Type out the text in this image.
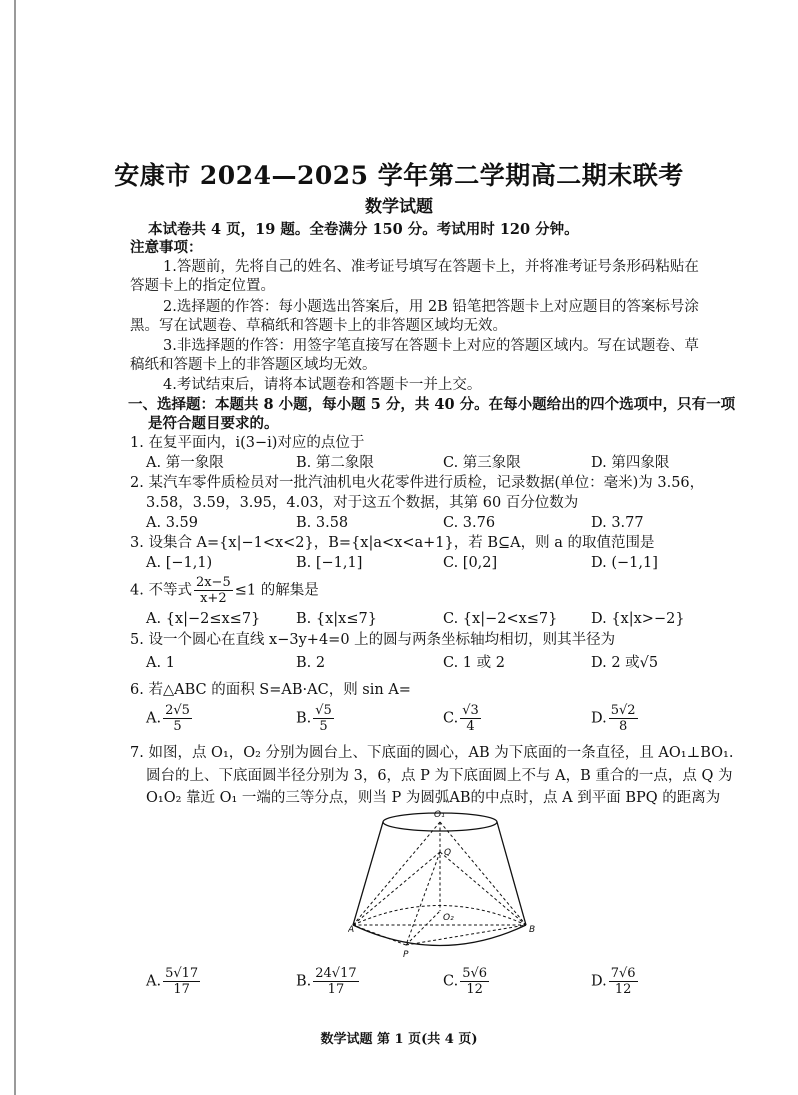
安康市 2024—2025 学年第二学期高二期末联考
数学试题
本试卷共 4 页，19 题。全卷满分 150 分。考试用时 120 分钟。
注意事项：
1.答题前，先将自己的姓名、准考证号填写在答题卡上，并将准考证号条形码粘贴在
答题卡上的指定位置。
2.选择题的作答：每小题选出答案后，用 2B 铅笔把答题卡上对应题目的答案标号涂
黑。写在试题卷、草稿纸和答题卡上的非答题区域均无效。
3.非选择题的作答：用签字笔直接写在答题卡上对应的答题区域内。写在试题卷、草
稿纸和答题卡上的非答题区域均无效。
4.考试结束后，请将本试题卷和答题卡一并上交。
一、选择题：本题共 8 小题，每小题 5 分，共 40 分。在每小题给出的四个选项中，只有一项
是符合题目要求的。
1. 在复平面内，i(3−i)对应的点位于
A. 第一象限	B. 第二象限	C. 第三象限	D. 第四象限
2. 某汽车零件质检员对一批汽油机电火花零件进行质检，记录数据(单位：毫米)为 3.56，
3.58，3.59，3.95，4.03，对于这五个数据，其第 60 百分位数为
A. 3.59	B. 3.58	C. 3.76	D. 3.77
3. 设集合 A={x|−1<x<2}，B={x|a<x<a+1}，若 B⊆A，则 a 的取值范围是
A. [−1,1)	B. [−1,1]	C. [0,2]	D. (−1,1]
4. 不等式 $\frac{2x-5}{x+2} \le 1$ 的解集是
A. {x|−2≤x≤7} B. {x|x≤7}	C. {x|−2<x≤7} D. {x|x>−2}
5. 设一个圆心在直线 x−3y+4=0 上的圆与两条坐标轴均相切，则其半径为
A. 1	B. 2	C. 1 或 2	D. 2 或√5
6. 若△ABC 的面积 S=AB·AC，则 sin A=
A. $\frac{2√5}{5}$	B. $\frac{√5}{5}$	C. $\frac{√3}{4}$	D. $\frac{5√2}{8}$
7. 如图，点 O₁，O₂ 分别为圆台上、下底面的圆心，AB 为下底面的一条直径，且 AO₁⊥BO₁.
圆台的上、下底面圆半径分别为 3，6，点 P 为下底面圆上不与 A，B 重合的一点，点 Q 为
O₁O₂ 靠近 O₁ 一端的三等分点，则当 P 为圆弧AB的中点时，点 A 到平面 BPQ 的距离为
O₁
Q
O₂
A	B
P
A. $\frac{5√17}{17}$	B. $\frac{24√17}{17}$	C. $\frac{5√6}{12}$	D. $\frac{7√6}{12}$
数学试题 第 1 页(共 4 页)
